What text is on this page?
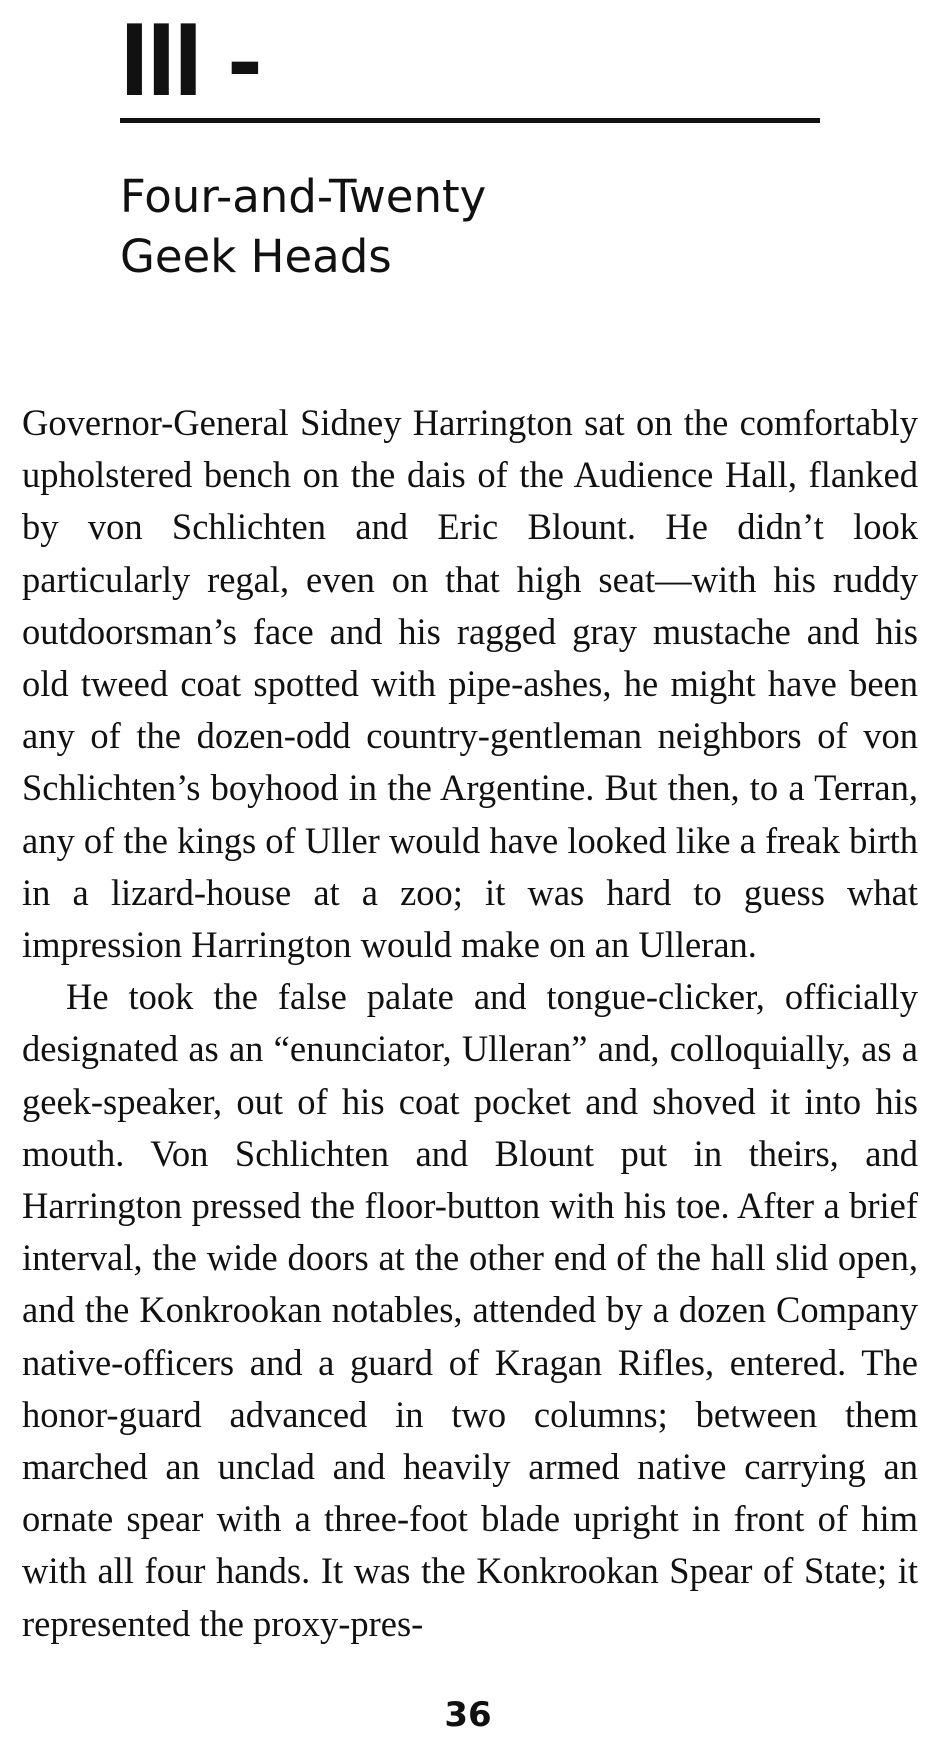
III -
Four-and-Twenty
Geek Heads

Governor-General Sidney Harrington sat on the comfortably upholstered bench on the dais of the Audience Hall, flanked by von Schlichten and Eric Blount. He didn’t look particularly regal, even on that high seat—with his ruddy outdoorsman’s face and his ragged gray mustache and his old tweed coat spotted with pipe-ashes, he might have been any of the dozen-odd country-gentleman neighbors of von Schlichten’s boyhood in the Argentine. But then, to a Terran, any of the kings of Uller would have looked like a freak birth in a lizard-house at a zoo; it was hard to guess what impression Harrington would make on an Ulleran.

He took the false palate and tongue-clicker, officially designated as an “enunciator, Ulleran” and, colloquially, as a geek-speaker, out of his coat pocket and shoved it into his mouth. Von Schlichten and Blount put in theirs, and Harrington pressed the floor-button with his toe. After a brief interval, the wide doors at the other end of the hall slid open, and the Konkrookan notables, attended by a dozen Company native-officers and a guard of Kragan Rifles, entered. The honor-guard advanced in two columns; between them marched an unclad and heavily armed native carrying an ornate spear with a three-foot blade upright in front of him with all four hands. It was the Konkrookan Spear of State; it represented the proxy-pres-

36
